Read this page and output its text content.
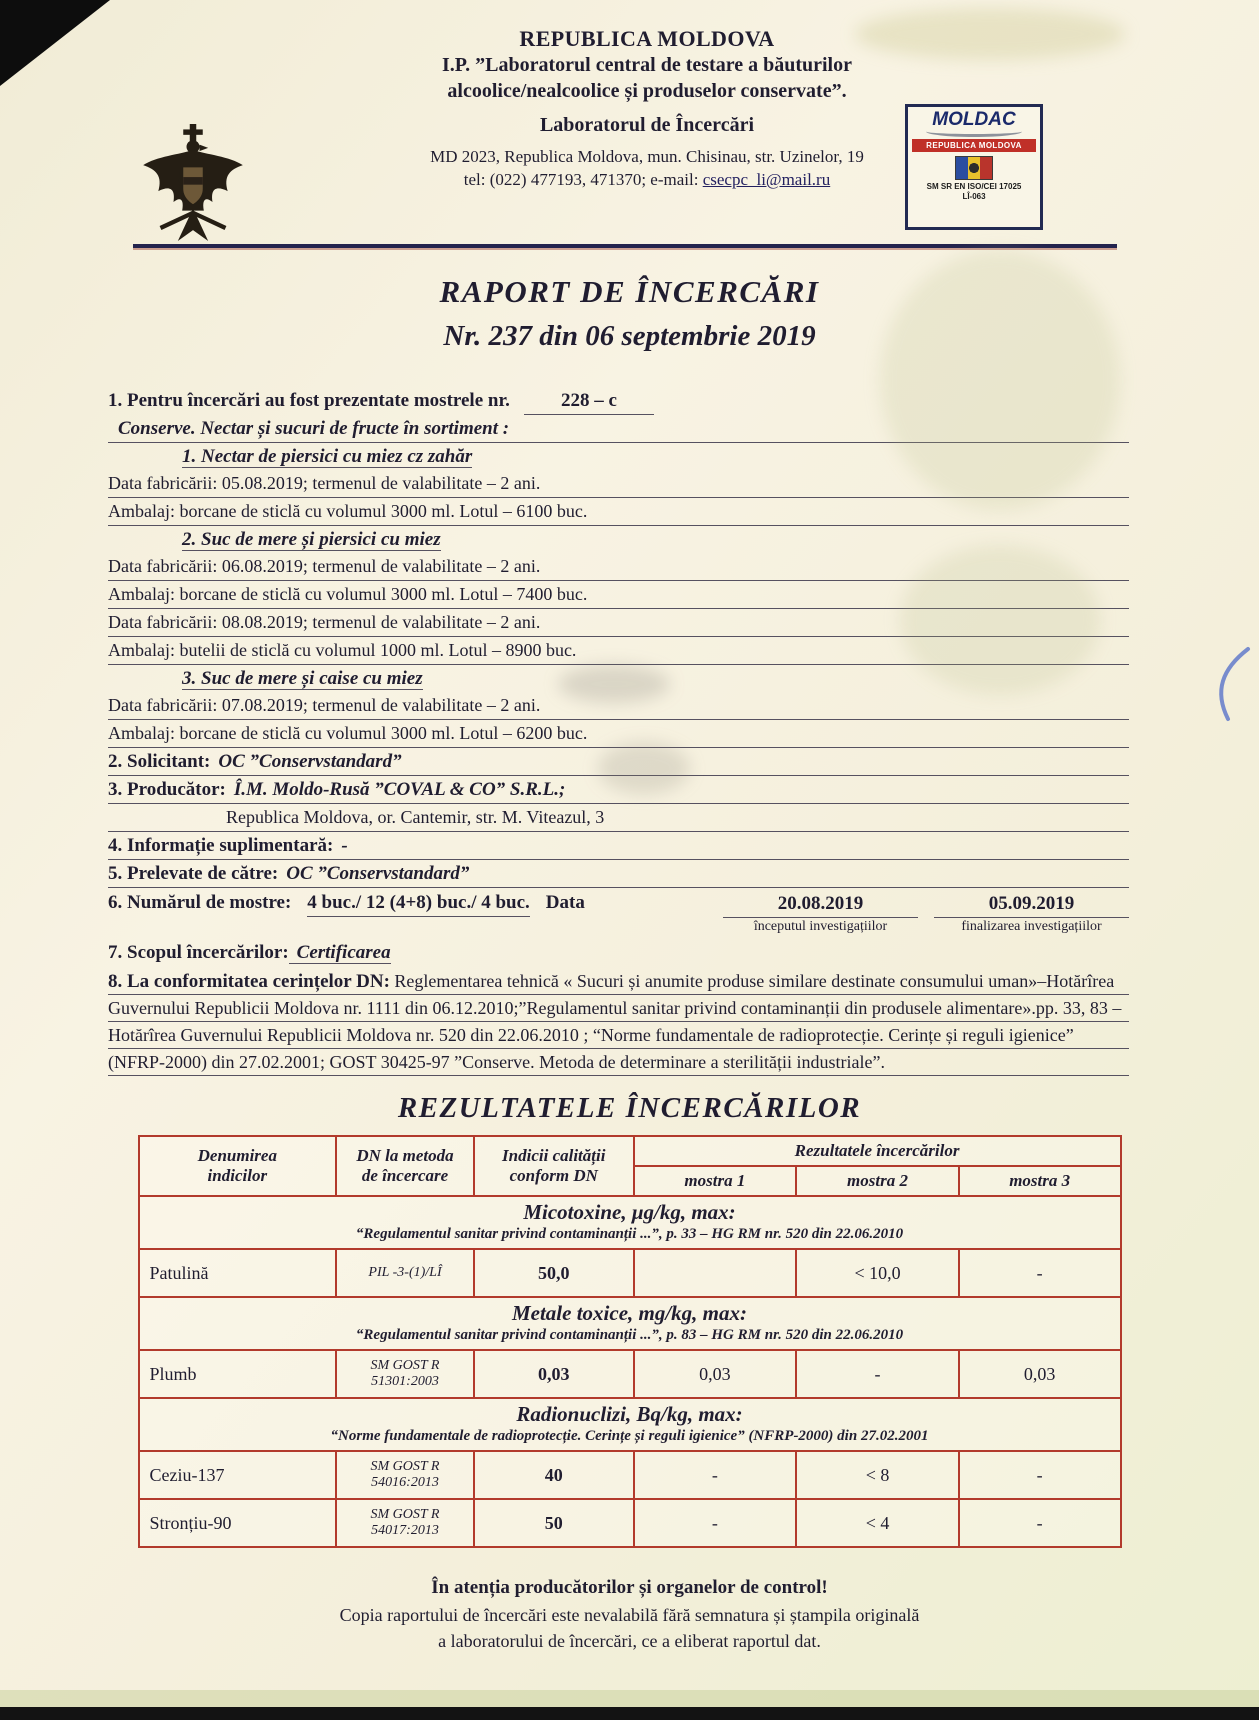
REPUBLICA MOLDOVA
I.P. ”Laboratorul central de testare a băuturilor
alcoolice/nealcoolice și produselor conservate”.
Laboratorul de Încercări
MD 2023, Republica Moldova, mun. Chisinau, str. Uzinelor, 19
tel: (022) 477193, 471370; e-mail: csecpc_li@mail.ru
MOLDAC
REPUBLICA MOLDOVA
SM SR EN ISO/CEI 17025
LÎ-063
RAPORT DE ÎNCERCĂRI
Nr. 237 din 06 septembrie 2019
1. Pentru încercări au fost prezentate mostrele nr.	228 – c
Conserve. Nectar și sucuri de fructe în sortiment :
1. Nectar de piersici cu miez cz zahăr
Data fabricării: 05.08.2019; termenul de valabilitate – 2 ani.
Ambalaj: borcane de sticlă cu volumul 3000 ml. Lotul – 6100 buc.
2. Suc de mere și piersici cu miez
Data fabricării: 06.08.2019; termenul de valabilitate – 2 ani.
Ambalaj: borcane de sticlă cu volumul 3000 ml. Lotul – 7400 buc.
Data fabricării: 08.08.2019; termenul de valabilitate – 2 ani.
Ambalaj: butelii de sticlă cu volumul 1000 ml. Lotul – 8900 buc.
3. Suc de mere și caise cu miez
Data fabricării: 07.08.2019; termenul de valabilitate – 2 ani.
Ambalaj: borcane de sticlă cu volumul 3000 ml. Lotul – 6200 buc.
2. Solicitant: OC ”Conservstandard”
3. Producător: Î.M. Moldo-Rusă ”COVAL & CO” S.R.L.;
Republica Moldova, or. Cantemir, str. M. Viteazul, 3
4. Informație suplimentară: -
5. Prelevate de către: OC ”Conservstandard”
6. Numărul de mostre: 4 buc./ 12 (4+8) buc./ 4 buc. Data	20.08.2019
începutul investigațiilor
05.09.2019
finalizarea investigațiilor
7. Scopul încercărilor: Certificarea
8. La conformitatea cerințelor DN: Reglementarea tehnică « Sucuri și anumite produse similare destinate consumului uman»–Hotărîrea Guvernului Republicii Moldova nr. 1111 din 06.12.2010;”Regulamentul sanitar privind contaminanții din produsele alimentare».pp. 33, 83 – Hotărîrea Guvernului Republicii Moldova nr. 520 din 22.06.2010 ; “Norme fundamentale de radioprotecție. Cerințe și reguli igienice” (NFRP-2000) din 27.02.2001; GOST 30425-97 ”Conserve. Metoda de determinare a sterilității industriale”.
REZULTATELE ÎNCERCĂRILOR
Denumirea
indicilor

DN la metoda
de încercare

Indicii calității
conform DN
	Rezultatele încercărilor
			mostra 1	mostra 2	mostra 3

Micotoxine, μg/kg, max:
“Regulamentul sanitar privind contaminanții ...”, p. 33 – HG RM nr. 520 din 22.06.2010					

Patulină	PIL -3-(1)/LÎ	50,0		< 10,0	-

Metale toxice, mg/kg, max:
“Regulamentul sanitar privind contaminanții ...”, p. 83 – HG RM nr. 520 din 22.06.2010					

Plumb	SM GOST R
51301:2003	0,03	0,03	-	0,03

Radionuclizi, Bq/kg, max:
“Norme fundamentale de radioprotecție. Cerințe și reguli igienice” (NFRP-2000) din 27.02.2001					

Ceziu-137	SM GOST R
54016:2013	40	-	< 8	-
Stronțiu-90	SM GOST R
54017:2013	50	-	< 4	-
În atenția producătorilor și organelor de control!
Copia raportului de încercări este nevalabilă fără semnatura și ștampila originală
a laboratorului de încercări, ce a eliberat raportul dat.
